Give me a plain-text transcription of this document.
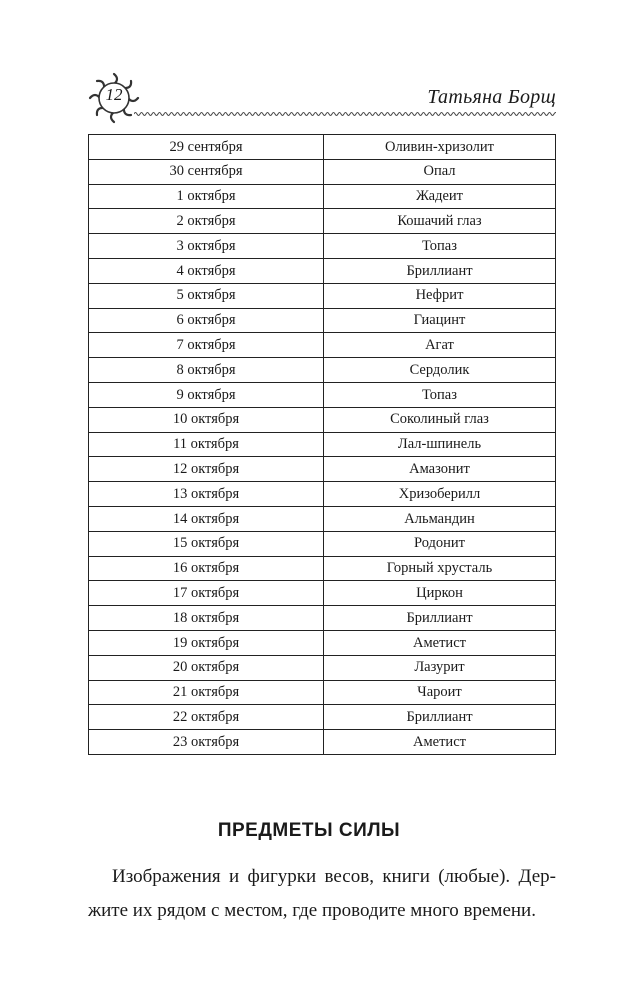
12	Татьяна Борщ
29 сентября	Оливин-хризолит
30 сентября	Опал
1 октября	Жадеит
2 октября	Кошачий глаз
3 октября	Топаз
4 октября	Бриллиант
5 октября	Нефрит
6 октября	Гиацинт
7 октября	Агат
8 октября	Сердолик
9 октября	Топаз
10 октября	Соколиный глаз
11 октября	Лал-шпинель
12 октября	Амазонит
13 октября	Хризоберилл
14 октября	Альмандин
15 октября	Родонит
16 октября	Горный хрусталь
17 октября	Циркон
18 октября	Бриллиант
19 октября	Аметист
20 октября	Лазурит
21 октября	Чароит
22 октября	Бриллиант
23 октября	Аметист
ПРЕДМЕТЫ СИЛЫ
Изображения и фигурки весов, книги (любые). Дер-
жите их рядом с местом, где проводите много времени.
